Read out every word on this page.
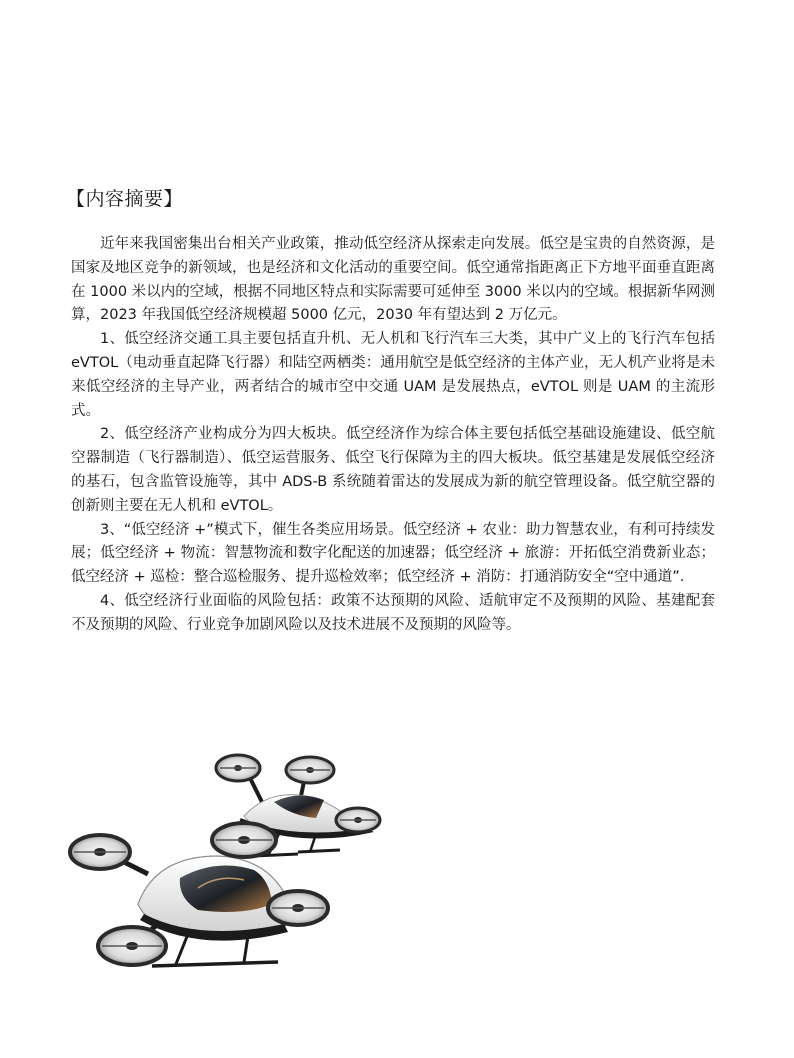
【内容摘要】

近年来我国密集出台相关产业政策，推动低空经济从探索走向发展。低空是宝贵的自然资源，是国家及地区竞争的新领域，也是经济和文化活动的重要空间。低空通常指距离正下方地平面垂直距离在 1000 米以内的空域，根据不同地区特点和实际需要可延伸至 3000 米以内的空域。根据新华网测算，2023 年我国低空经济规模超 5000 亿元，2030 年有望达到 2 万亿元。

1、低空经济交通工具主要包括直升机、无人机和飞行汽车三大类，其中广义上的飞行汽车包括 eVTOL（电动垂直起降飞行器）和陆空两栖类：通用航空是低空经济的主体产业，无人机产业将是未来低空经济的主导产业，两者结合的城市空中交通 UAM 是发展热点，eVTOL 则是 UAM 的主流形式。

2、低空经济产业构成分为四大板块。低空经济作为综合体主要包括低空基础设施建设、低空航空器制造（飞行器制造）、低空运营服务、低空飞行保障为主的四大板块。低空基建是发展低空经济的基石，包含监管设施等，其中 ADS-B 系统随着雷达的发展成为新的航空管理设备。低空航空器的创新则主要在无人机和 eVTOL。

3、“低空经济 +”模式下，催生各类应用场景。低空经济 + 农业：助力智慧农业，有利可持续发展；低空经济 + 物流：智慧物流和数字化配送的加速器；低空经济 + 旅游：开拓低空消费新业态；低空经济 + 巡检：整合巡检服务、提升巡检效率；低空经济 + 消防：打通消防安全“空中通道”.

4、低空经济行业面临的风险包括：政策不达预期的风险、适航审定不及预期的风险、基建配套不及预期的风险、行业竞争加剧风险以及技术进展不及预期的风险等。
